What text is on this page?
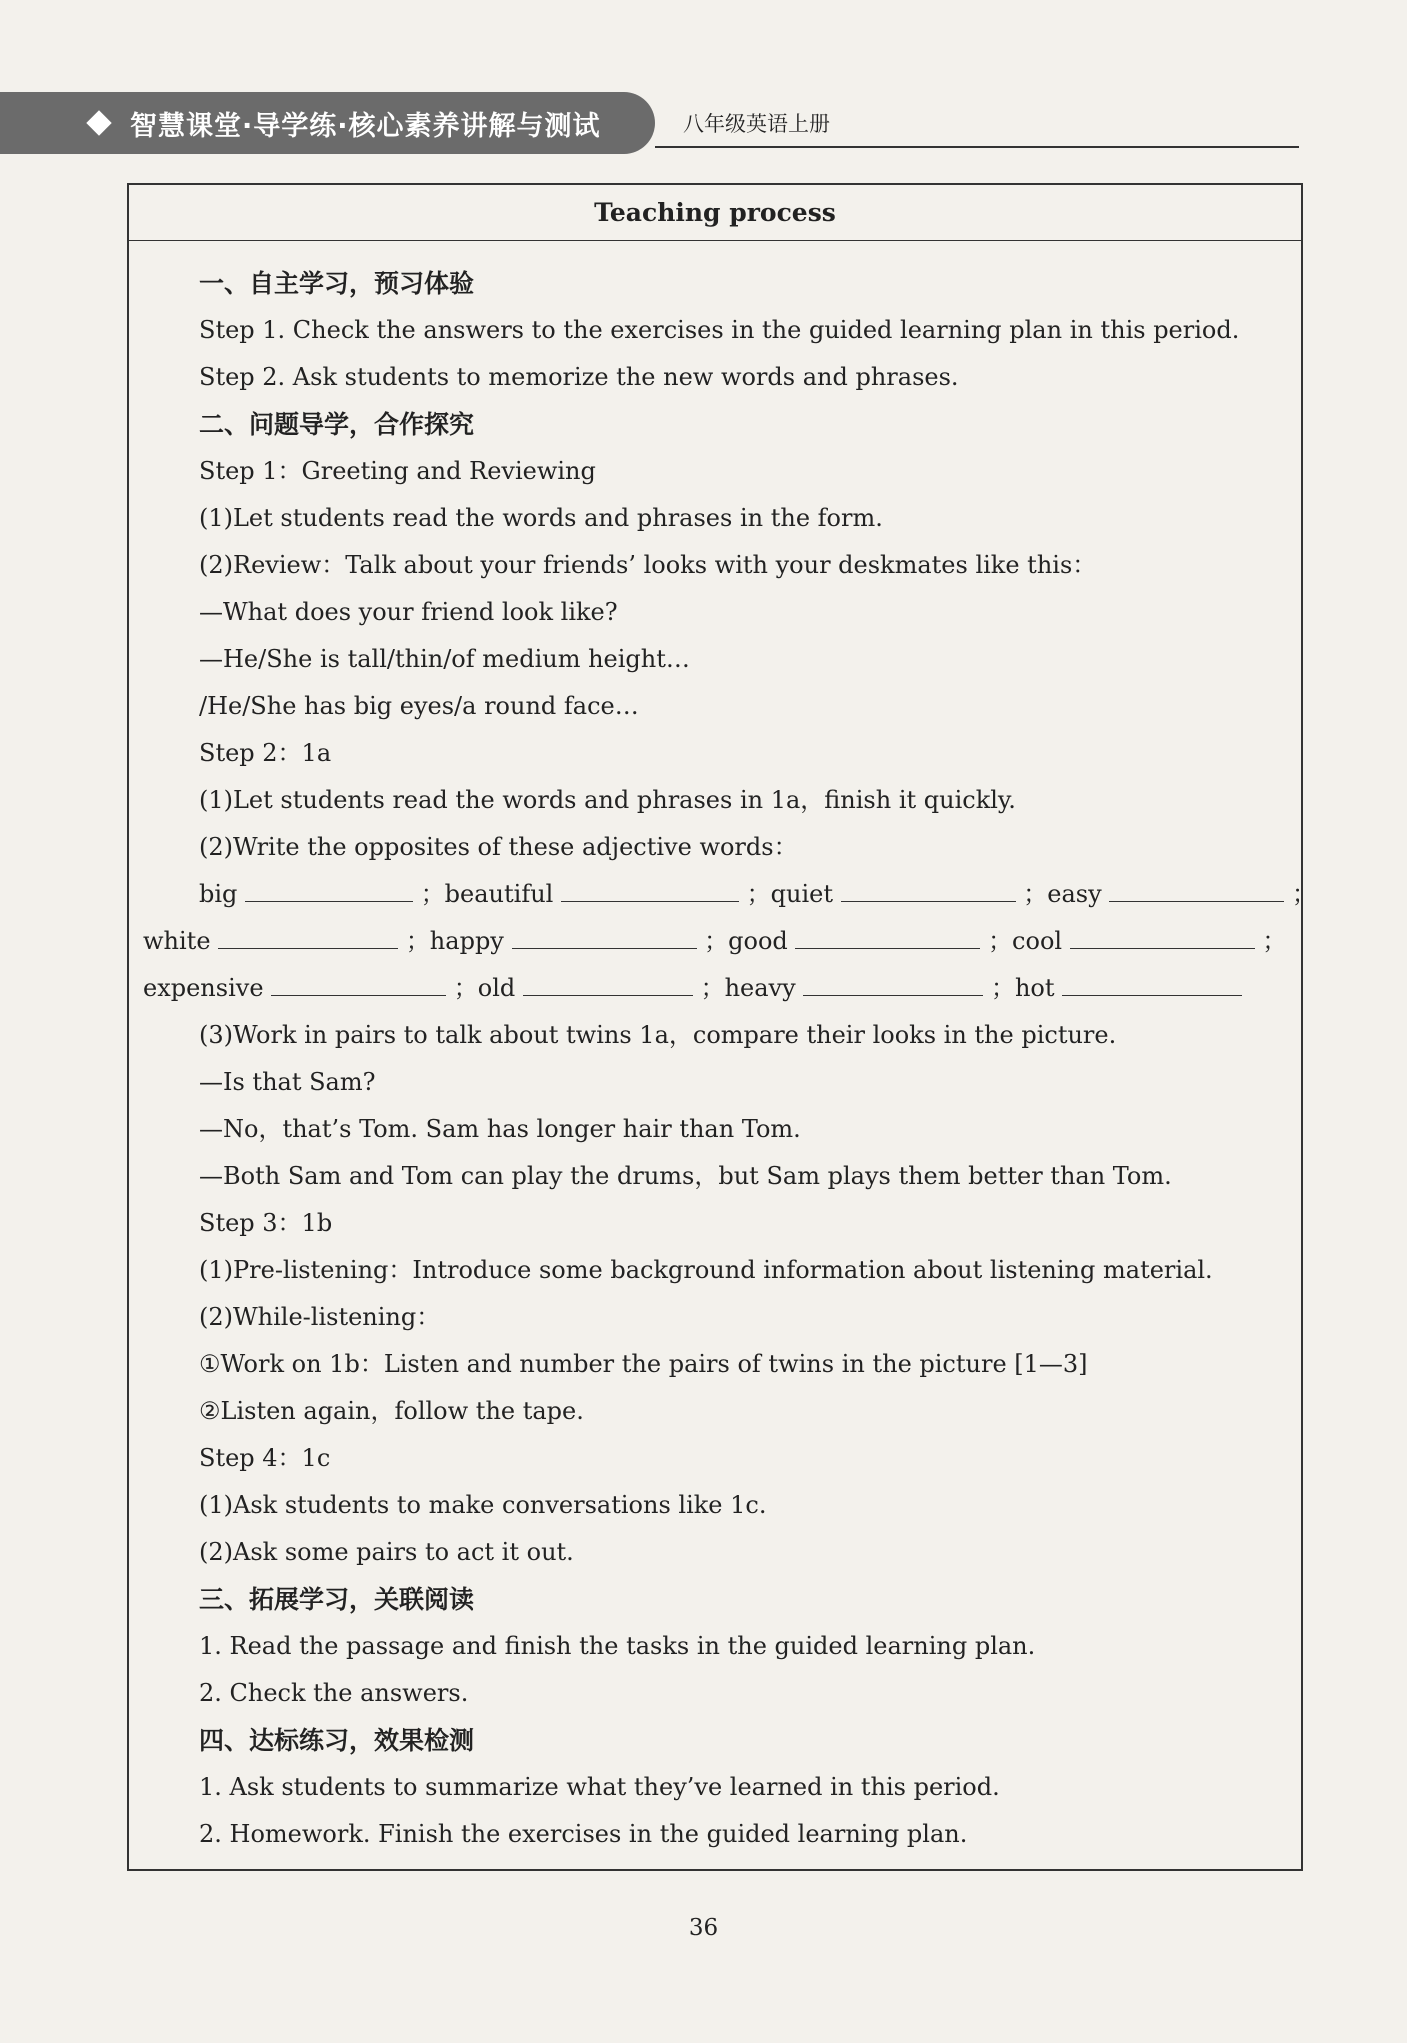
智慧课堂·导学练·核心素养讲解与测试	八年级英语上册
Teaching process
一、自主学习，预习体验
Step 1. Check the answers to the exercises in the guided learning plan in this period.
Step 2. Ask students to memorize the new words and phrases.
二、问题导学，合作探究
Step 1：Greeting and Reviewing
(1)Let students read the words and phrases in the form.
(2)Review：Talk about your friends’ looks with your deskmates like this：
—What does your friend look like?
—He/She is tall/thin/of medium height…
/He/She has big eyes/a round face…
Step 2：1a
(1)Let students read the words and phrases in 1a，finish it quickly.
(2)Write the opposites of these adjective words：
big	；beautiful	；quiet	；easy	；
white	；happy	；good	；cool	；
expensive	；old	；heavy	；hot
(3)Work in pairs to talk about twins 1a，compare their looks in the picture.
—Is that Sam?
—No，that’s Tom. Sam has longer hair than Tom.
—Both Sam and Tom can play the drums，but Sam plays them better than Tom.
Step 3：1b
(1)Pre-listening：Introduce some background information about listening material.
(2)While-listening：
①Work on 1b：Listen and number the pairs of twins in the picture [1—3]
②Listen again，follow the tape.
Step 4：1c
(1)Ask students to make conversations like 1c.
(2)Ask some pairs to act it out.
三、拓展学习，关联阅读
1. Read the passage and finish the tasks in the guided learning plan.
2. Check the answers.
四、达标练习，效果检测
1. Ask students to summarize what they’ve learned in this period.
2. Homework. Finish the exercises in the guided learning plan.
36
